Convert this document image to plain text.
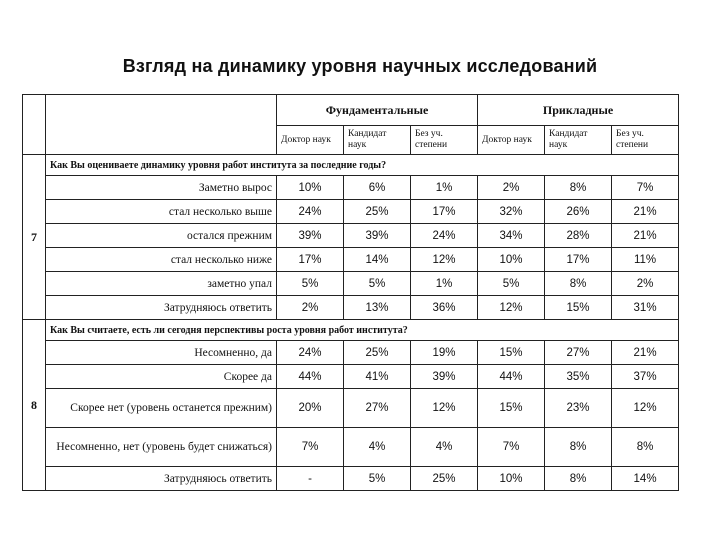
Взгляд на динамику уровня научных исследований
		Фундаментальные			Прикладные		
		Доктор наук	Кандидат наук	Без уч. степени	Доктор наук	Кандидат наук	Без уч. степени
7	Как Вы оцениваете динамику уровня работ института за последние годы?						
	Заметно вырос	10%	6%	1%	2%	8%	7%
	стал несколько выше	24%	25%	17%	32%	26%	21%
	остался прежним	39%	39%	24%	34%	28%	21%
	стал несколько ниже	17%	14%	12%	10%	17%	11%
	заметно упал	5%	5%	1%	5%	8%	2%
	Затрудняюсь ответить	2%	13%	36%	12%	15%	31%
8	Как Вы считаете, есть ли сегодня перспективы роста уровня работ института?						
	Несомненно, да	24%	25%	19%	15%	27%	21%
	Скорее да	44%	41%	39%	44%	35%	37%
	Скорее нет (уровень останется прежним)	20%	27%	12%	15%	23%	12%
	Несомненно, нет (уровень будет снижаться)	7%	4%	4%	7%	8%	8%
	Затрудняюсь ответить	-	5%	25%	10%	8%	14%
